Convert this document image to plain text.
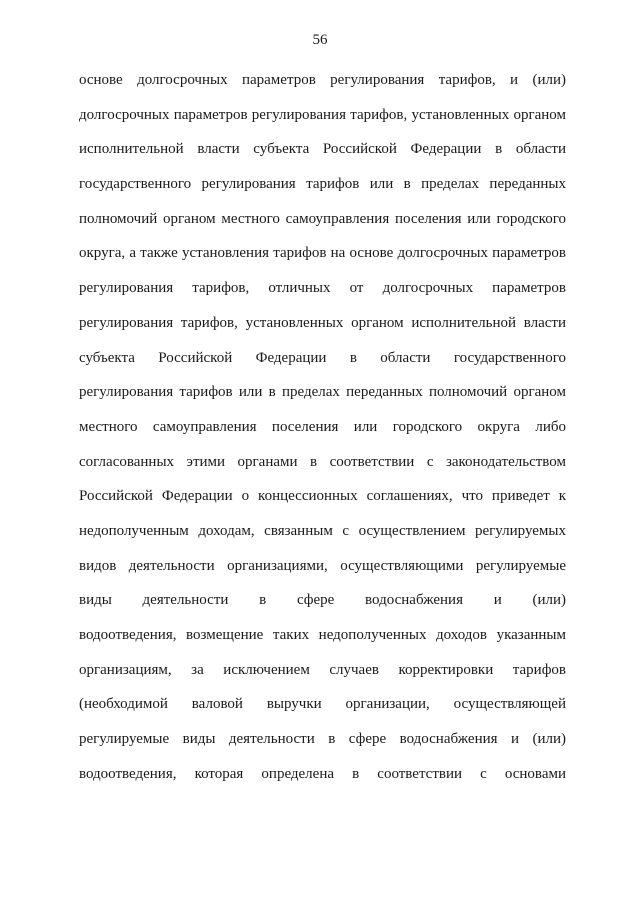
56
основе долгосрочных параметров регулирования тарифов, и (или)
долгосрочных параметров регулирования тарифов, установленных органом
исполнительной власти субъекта Российской Федерации в области
государственного регулирования тарифов или в пределах переданных
полномочий органом местного самоуправления поселения или городского
округа, а также установления тарифов на основе долгосрочных параметров
регулирования тарифов, отличных от долгосрочных параметров
регулирования тарифов, установленных органом исполнительной власти
субъекта Российской Федерации в области государственного
регулирования тарифов или в пределах переданных полномочий органом
местного самоуправления поселения или городского округа либо
согласованных этими органами в соответствии с законодательством
Российской Федерации о концессионных соглашениях, что приведет к
недополученным доходам, связанным с осуществлением регулируемых
видов деятельности организациями, осуществляющими регулируемые
виды деятельности в сфере водоснабжения и (или)
водоотведения, возмещение таких недополученных доходов указанным
организациям, за исключением случаев корректировки тарифов
(необходимой валовой выручки организации, осуществляющей
регулируемые виды деятельности в сфере водоснабжения и (или)
водоотведения, которая определена в соответствии с основами
